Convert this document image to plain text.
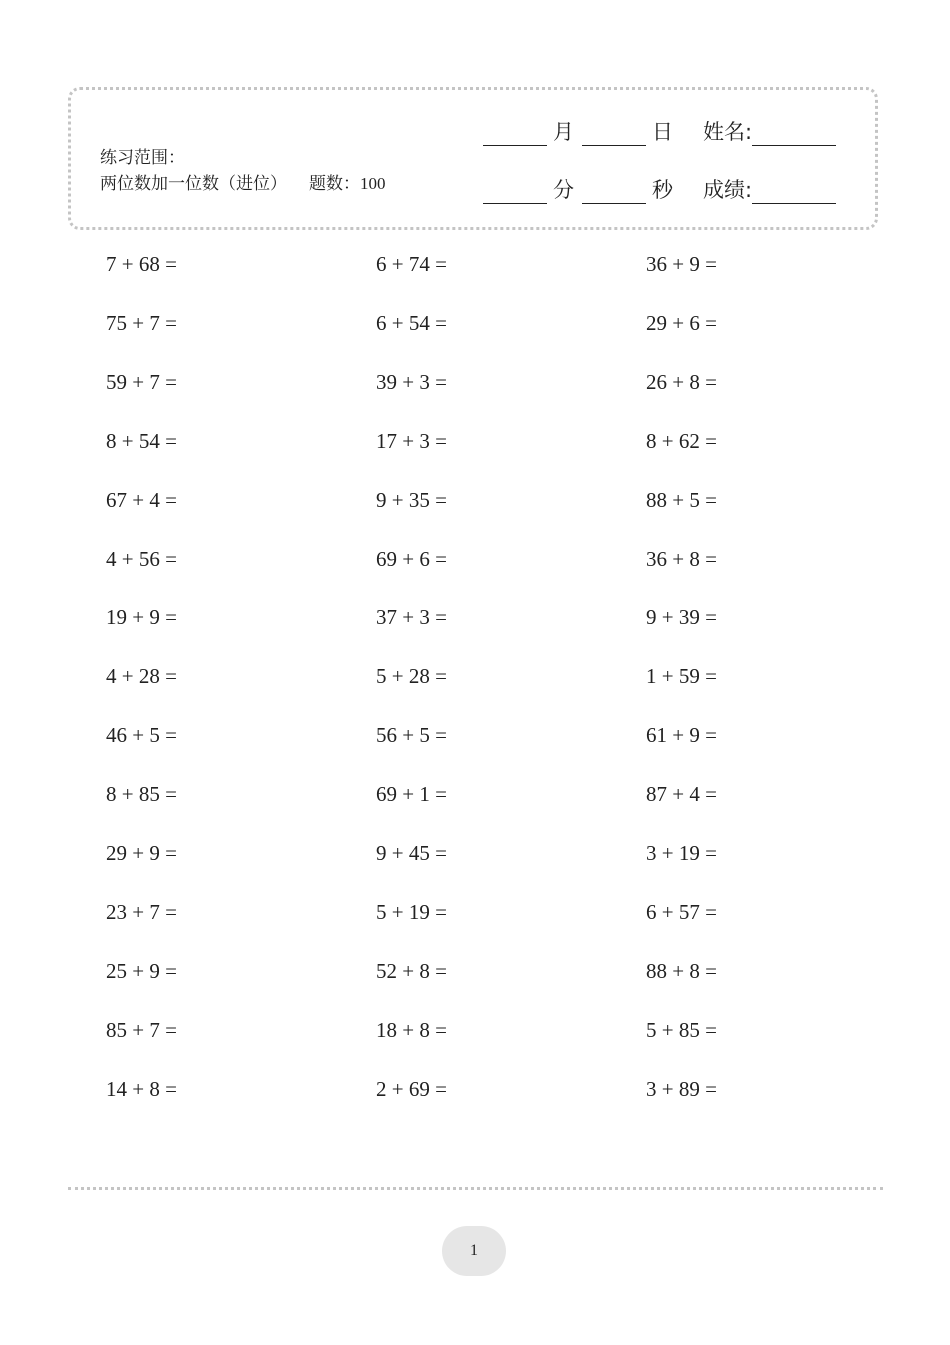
练习范围：
两位数加一位数（进位） 题数：100
月	日 姓名:
分	秒 成绩:
7 + 68 =
75 + 7 =
59 + 7 =
8 + 54 =
67 + 4 =
4 + 56 =
19 + 9 =
4 + 28 =
46 + 5 =
8 + 85 =
29 + 9 =
23 + 7 =
25 + 9 =
85 + 7 =
14 + 8 =
6 + 74 =
6 + 54 =
39 + 3 =
17 + 3 =
9 + 35 =
69 + 6 =
37 + 3 =
5 + 28 =
56 + 5 =
69 + 1 =
9 + 45 =
5 + 19 =
52 + 8 =
18 + 8 =
2 + 69 =
36 + 9 =
29 + 6 =
26 + 8 =
8 + 62 =
88 + 5 =
36 + 8 =
9 + 39 =
1 + 59 =
61 + 9 =
87 + 4 =
3 + 19 =
6 + 57 =
88 + 8 =
5 + 85 =
3 + 89 =
1
